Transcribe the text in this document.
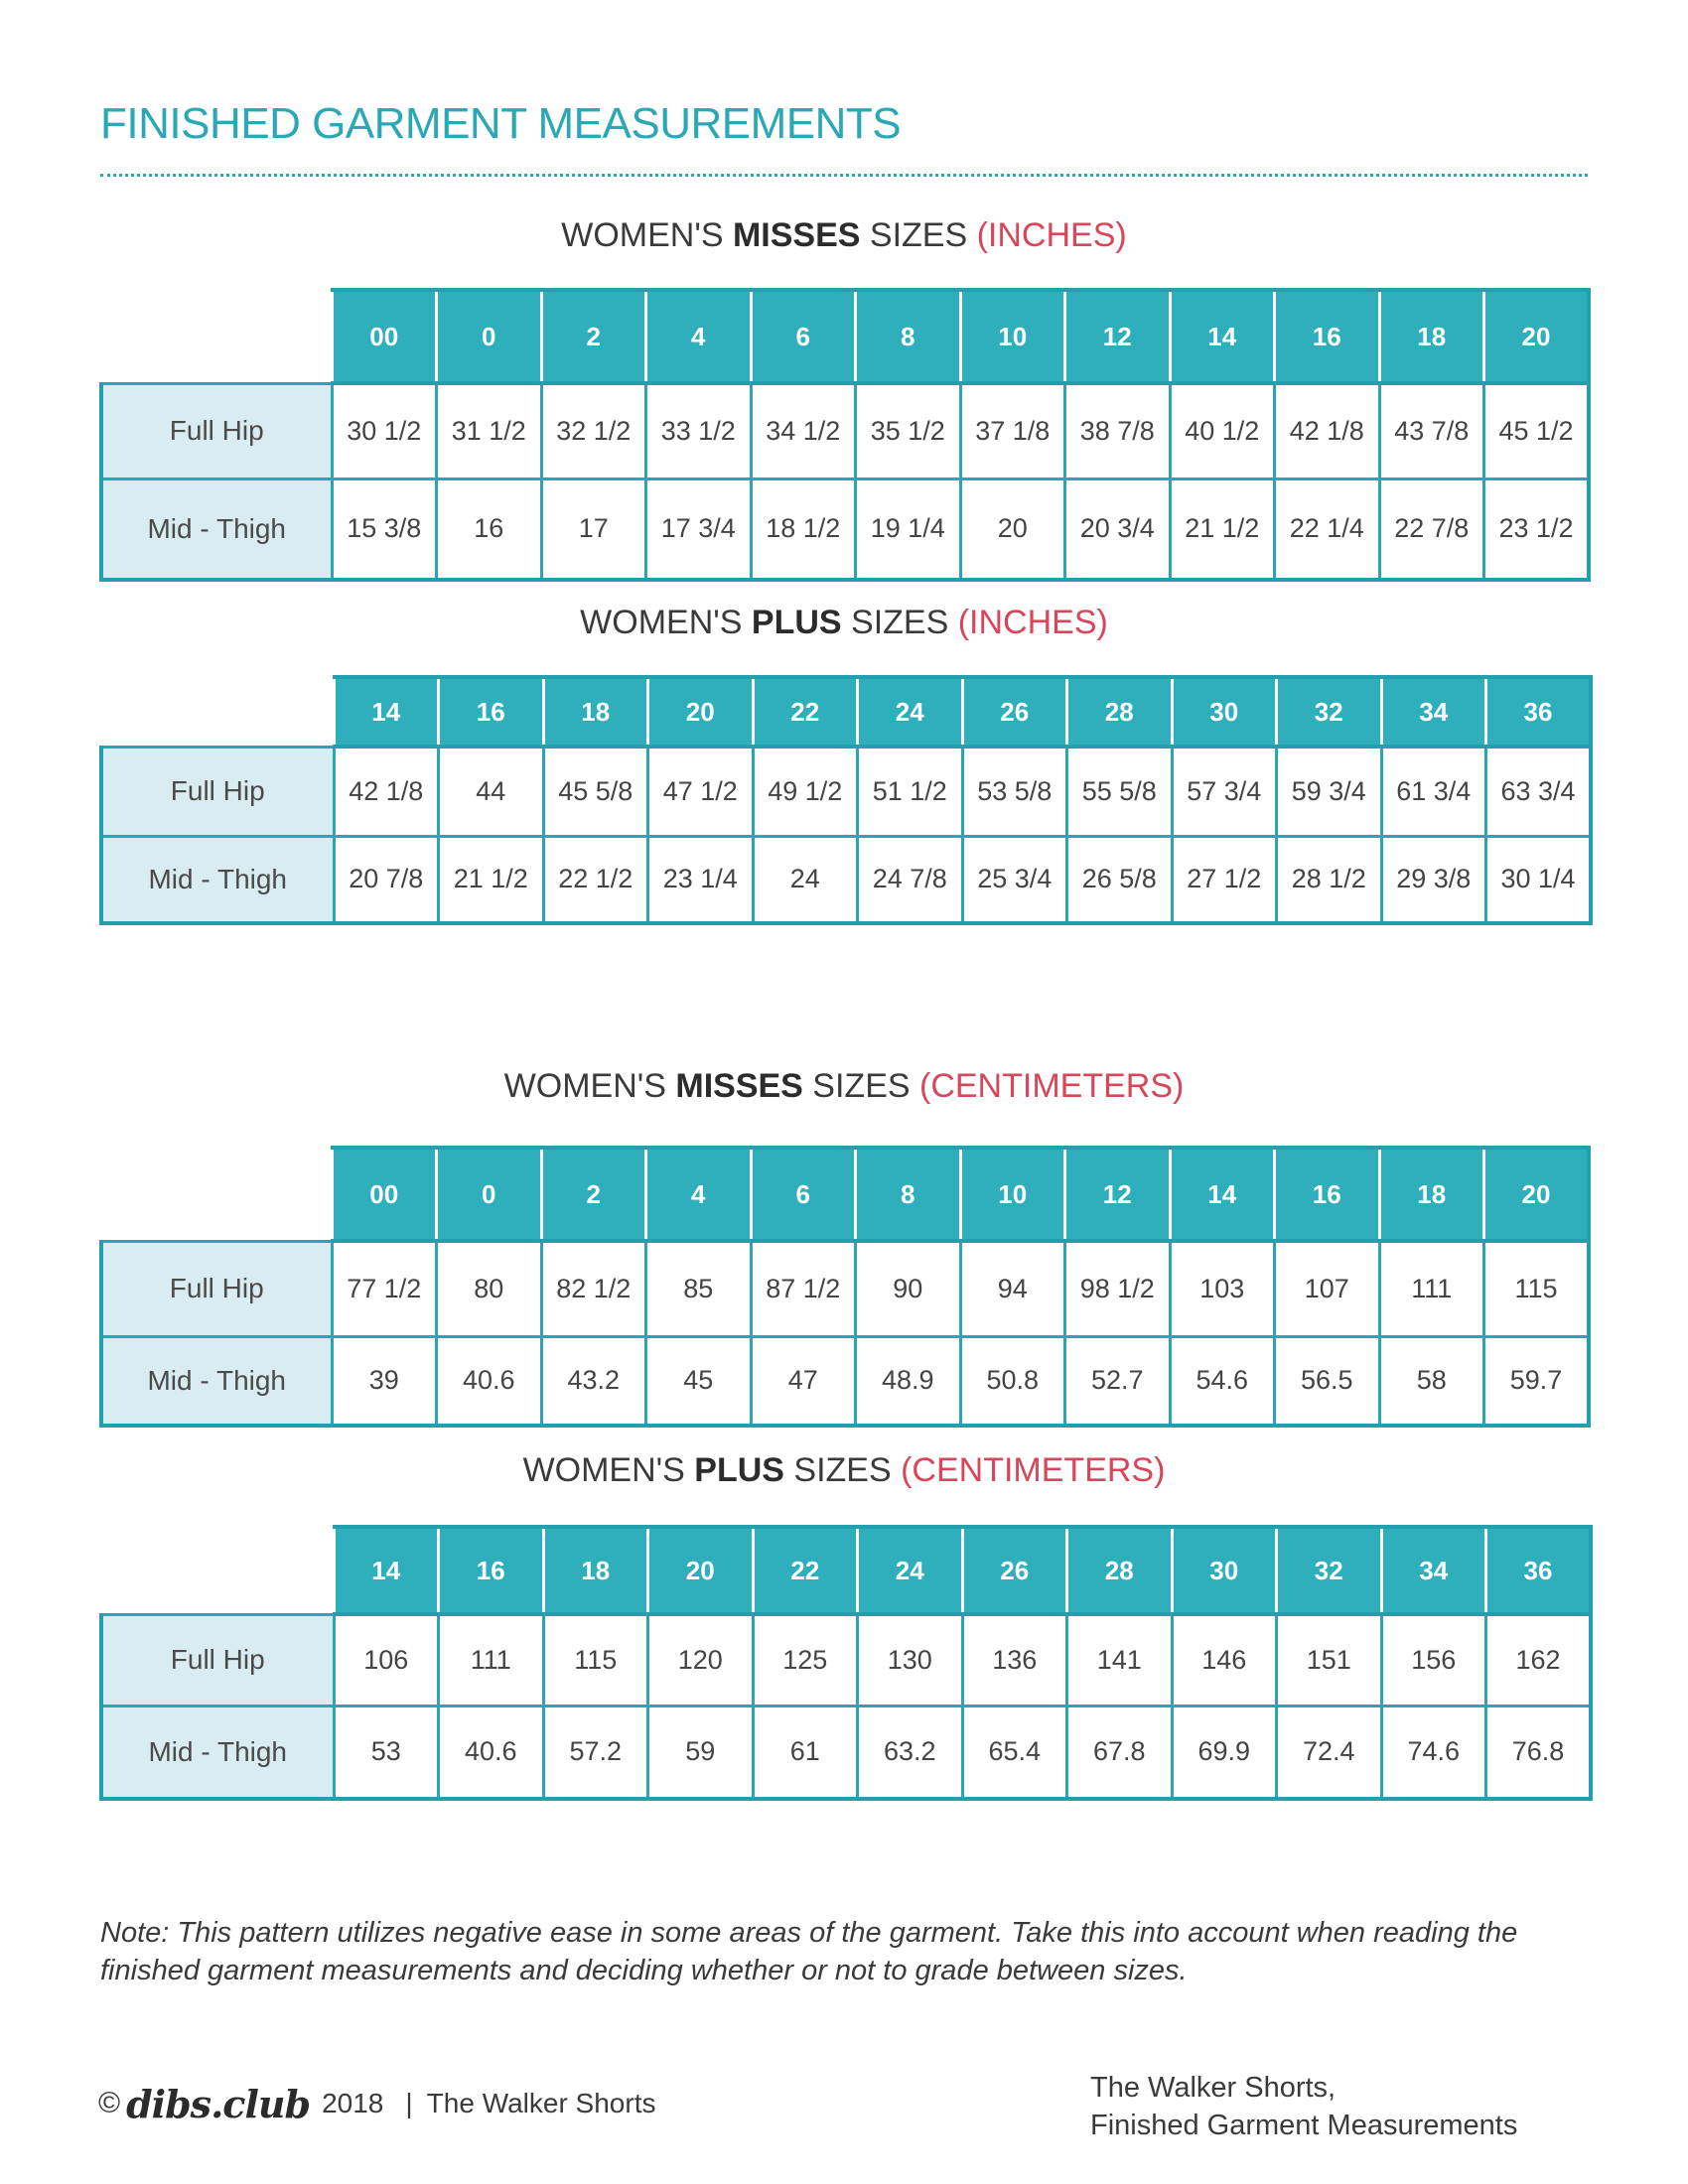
FINISHED GARMENT MEASUREMENTS
WOMEN'S MISSES SIZES (INCHES)
	00	0	2	4	6	8	10	12	14	16	18	20
Full Hip	30 1/2	31 1/2	32 1/2	33 1/2	34 1/2	35 1/2	37 1/8	38 7/8	40 1/2	42 1/8	43 7/8	45 1/2
Mid - Thigh	15 3/8	16	17	17 3/4	18 1/2	19 1/4	20	20 3/4	21 1/2	22 1/4	22 7/8	23 1/2
WOMEN'S PLUS SIZES (INCHES)
	14	16	18	20	22	24	26	28	30	32	34	36
Full Hip	42 1/8	44	45 5/8	47 1/2	49 1/2	51 1/2	53 5/8	55 5/8	57 3/4	59 3/4	61 3/4	63 3/4
Mid - Thigh	20 7/8	21 1/2	22 1/2	23 1/4	24	24 7/8	25 3/4	26 5/8	27 1/2	28 1/2	29 3/8	30 1/4
WOMEN'S MISSES SIZES (CENTIMETERS)
	00	0	2	4	6	8	10	12	14	16	18	20
Full Hip	77 1/2	80	82 1/2	85	87 1/2	90	94	98 1/2	103	107	111	115
Mid - Thigh	39	40.6	43.2	45	47	48.9	50.8	52.7	54.6	56.5	58	59.7
WOMEN'S PLUS SIZES (CENTIMETERS)
	14	16	18	20	22	24	26	28	30	32	34	36
Full Hip	106	111	115	120	125	130	136	141	146	151	156	162
Mid - Thigh	53	40.6	57.2	59	61	63.2	65.4	67.8	69.9	72.4	74.6	76.8

Note: This pattern utilizes negative ease in some areas of the garment. Take this into account when reading the finished garment measurements and deciding whether or not to grade between sizes.

© dibs.club 2018 | The Walker Shorts	The Walker Shorts,
Finished Garment Measurements
